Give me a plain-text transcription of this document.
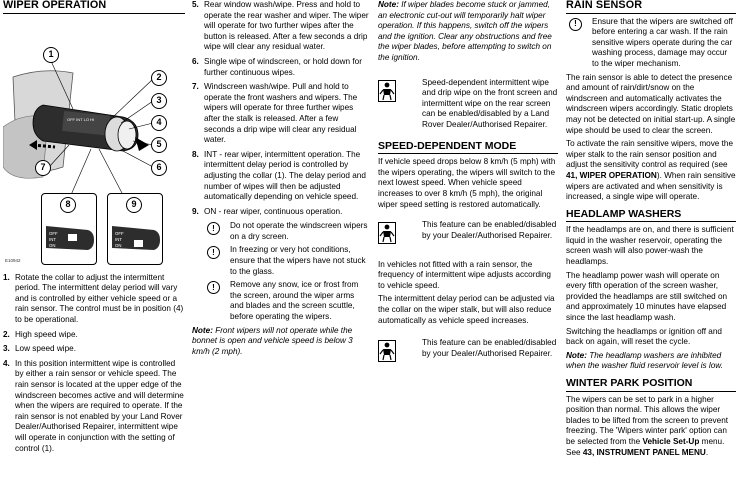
WIPER OPERATION
OFF INT LO HI
1
2
3
4
5
6
7
8
OFF
INT
ON
9
OFF
INT
ON
E10942
1. Rotate the collar to adjust the intermittent period. The intermittent delay period will vary and is controlled by either vehicle speed or a rain sensor. The control must be in position (4) to be operational.
2. High speed wipe.
3. Low speed wipe.
4. In this position intermittent wipe is controlled by either a rain sensor or vehicle speed. The rain sensor is located at the upper edge of the windscreen becomes active and will determine when the wipers are required to operate. If the rain sensor is not enabled by your Land Rover Dealer/Authorised Repairer, intermittent wipe will operate in conjunction with the setting of control (1).
5. Rear window wash/wipe. Press and hold to operate the rear washer and wiper. The wiper will operate for two further wipes after the button is released. After a few seconds a drip wipe will clear any residual water.
6. Single wipe of windscreen, or hold down for further continuous wipes.
7. Windscreen wash/wipe. Pull and hold to operate the front washers and wipers. The wipers will operate for three further wipes after the stalk is released. After a few seconds a drip wipe will clear any residual water.
8. INT - rear wiper, intermittent operation. The intermittent delay period is controlled by adjusting the collar (1). The delay period and number of wipes will then be adjusted automatically depending on vehicle speed.
9. ON - rear wiper, continuous operation.
!	Do not operate the windscreen wipers on a dry screen.
!	In freezing or very hot conditions, ensure that the wipers have not stuck to the glass.
!	Remove any snow, ice or frost from the screen, around the wiper arms and blades and the screen scuttle, before operating the wipers.

Note: Front wipers will not operate while the bonnet is open and vehicle speed is below 3 km/h (2 mph).

Note: If wiper blades become stuck or jammed, an electronic cut-out will temporarily halt wiper operation. If this happens, switch off the wipers and the ignition. Clear any obstructions and free the wiper blades, before attempting to switch on the ignition.

Speed-dependent intermittent wipe and drip wipe on the front screen and intermittent wipe on the rear screen can be enabled/disabled by a Land Rover Dealer/Authorised Repairer.
SPEED-DEPENDENT MODE

If vehicle speed drops below 8 km/h (5 mph) with the wipers operating, the wipers will switch to the next lowest speed. When vehicle speed increases to over 8 km/h (5 mph), the original wiper speed setting is restored automatically.

This feature can be enabled/disabled by your Dealer/Authorised Repairer.

In vehicles not fitted with a rain sensor, the frequency of intermittent wipe adjusts according to vehicle speed.

The intermittent delay period can be adjusted via the collar on the wiper stalk, but will also reduce automatically as vehicle speed increases.

This feature can be enabled/disabled by your Dealer/Authorised Repairer.
RAIN SENSOR
!	Ensure that the wipers are switched off before entering a car wash. If the rain sensitive wipers operate during the car washing process, damage may occur to the wiper mechanism.

The rain sensor is able to detect the presence and amount of rain/dirt/snow on the windscreen and automatically activates the windscreen wipers accordingly. Static droplets may not be detected on initial start-up. A single wipe should be used to clear the screen.

To activate the rain sensitive wipers, move the wiper stalk to the rain sensor position and adjust the sensitivity control as required (see 41, WIPER OPERATION). When rain sensitive wipers are activated and when sensitivity is increased, a single wipe will operate.

HEADLAMP WASHERS

If the headlamps are on, and there is sufficient liquid in the washer reservoir, operating the screen wash will also power-wash the headlamps.

The headlamp power wash will operate on every fifth operation of the screen washer, provided the headlamps are still switched on and approximately 10 minutes have elapsed since the last headlamp wash.

Switching the headlamps or ignition off and back on again, will reset the cycle.

Note: The headlamp washers are inhibited when the washer fluid reservoir level is low.

WINTER PARK POSITION

The wipers can be set to park in a higher position than normal. This allows the wiper blades to be lifted from the screen to prevent freezing. The 'Wipers winter park' option can be selected from the Vehicle Set-Up menu. See 43, INSTRUMENT PANEL MENU.
